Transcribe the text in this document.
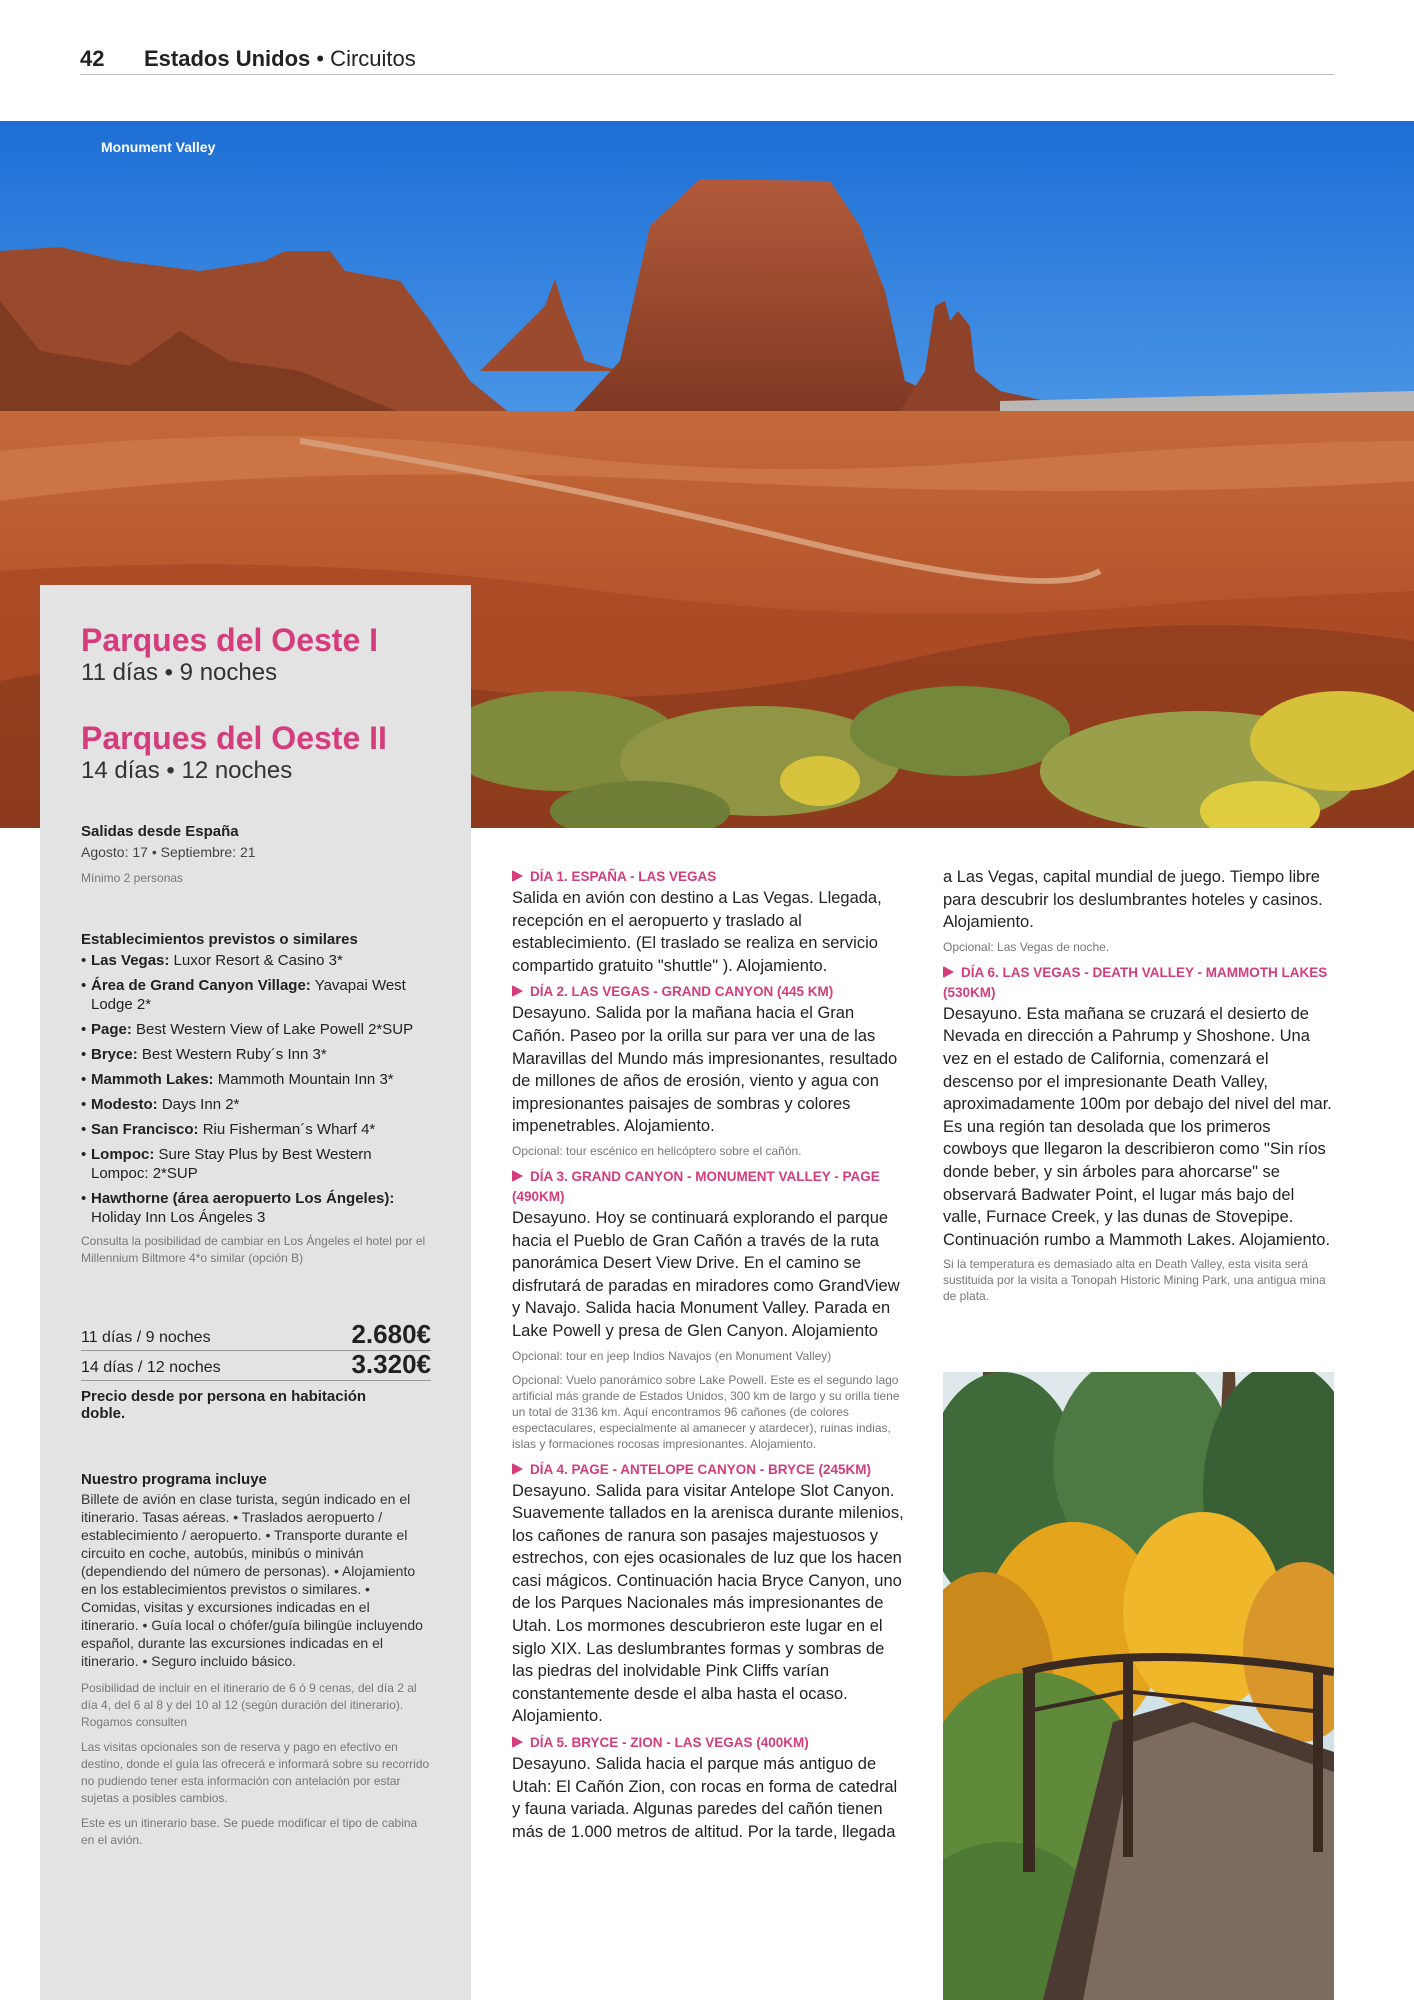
42 Estados Unidos • Circuitos
Monument Valley
Parques del Oeste I
11 días • 9 noches
Parques del Oeste II
14 días • 12 noches
Salidas desde España
Agosto: 17 • Septiembre: 21
Mínimo 2 personas
Establecimientos previstos o similares
• Las Vegas: Luxor Resort & Casino 3*
• Área de Grand Canyon Village: Yavapai West Lodge 2*
• Page: Best Western View of Lake Powell 2*SUP
• Bryce: Best Western Ruby´s Inn 3*
• Mammoth Lakes: Mammoth Mountain Inn 3*
• Modesto: Days Inn 2*
• San Francisco: Riu Fisherman´s Wharf 4*
• Lompoc: Sure Stay Plus by Best Western Lompoc: 2*SUP
• Hawthorne (área aeropuerto Los Ángeles): Holiday Inn Los Ángeles 3
Consulta la posibilidad de cambiar en Los Ángeles el hotel por el Millennium Biltmore 4*o similar (opción B)
11 días / 9 noches	2.680€
14 días / 12 noches	3.320€
Precio desde por persona en habitación doble.
Nuestro programa incluye
Billete de avión en clase turista, según indicado en el itinerario. Tasas aéreas. • Traslados aeropuerto / establecimiento / aeropuerto. • Transporte durante el circuito en coche, autobús, minibús o miniván (dependiendo del número de personas). • Alojamiento en los establecimientos previstos o similares. • Comidas, visitas y excursiones indicadas en el itinerario. • Guía local o chófer/guía bilingüe incluyendo español, durante las excursiones indicadas en el itinerario. • Seguro incluido básico.
Posibilidad de incluir en el itinerario de 6 ó 9 cenas, del día 2 al día 4, del 6 al 8 y del 10 al 12 (según duración del itinerario). Rogamos consulten
Las visitas opcionales son de reserva y pago en efectivo en destino, donde el guía las ofrecerá e informará sobre su recorrido no pudiendo tener esta información con antelación por estar sujetas a posibles cambios.
Este es un itinerario base. Se puede modificar el tipo de cabina en el avión.
DÍA 1. ESPAÑA - LAS VEGAS

Salida en avión con destino a Las Vegas. Llegada, recepción en el aeropuerto y traslado al establecimiento. (El traslado se realiza en servicio compartido gratuito "shuttle" ). Alojamiento.

DÍA 2. LAS VEGAS - GRAND CANYON (445 KM)

Desayuno. Salida por la mañana hacia el Gran Cañón. Paseo por la orilla sur para ver una de las Maravillas del Mundo más impresionantes, resultado de millones de años de erosión, viento y agua con impresionantes paisajes de sombras y colores impenetrables. Alojamiento.

Opcional: tour escénico en helicóptero sobre el cañón.
DÍA 3. GRAND CANYON - MONUMENT VALLEY - PAGE (490KM)

Desayuno. Hoy se continuará explorando el parque hacia el Pueblo de Gran Cañón a través de la ruta panorámica Desert View Drive. En el camino se disfrutará de paradas en miradores como GrandView y Navajo. Salida hacia Monument Valley. Parada en Lake Powell y presa de Glen Canyon. Alojamiento

Opcional: tour en jeep Indios Navajos (en Monument Valley)
Opcional: Vuelo panorámico sobre Lake Powell. Este es el segundo lago artificial más grande de Estados Unidos, 300 km de largo y su orilla tiene un total de 3136 km. Aquí encontramos 96 cañones (de colores espectaculares, especialmente al amanecer y atardecer), ruinas indias, islas y formaciones rocosas impresionantes. Alojamiento.
DÍA 4. PAGE - ANTELOPE CANYON - BRYCE (245KM)

Desayuno. Salida para visitar Antelope Slot Canyon. Suavemente tallados en la arenisca durante milenios, los cañones de ranura son pasajes majestuosos y estrechos, con ejes ocasionales de luz que los hacen casi mágicos. Continuación hacia Bryce Canyon, uno de los Parques Nacionales más impresionantes de Utah. Los mormones descubrieron este lugar en el siglo XIX. Las deslumbrantes formas y sombras de las piedras del inolvidable Pink Cliffs varían constantemente desde el alba hasta el ocaso. Alojamiento.

DÍA 5. BRYCE - ZION - LAS VEGAS (400KM)

Desayuno. Salida hacia el parque más antiguo de Utah: El Cañón Zion, con rocas en forma de catedral y fauna variada. Algunas paredes del cañón tienen más de 1.000 metros de altitud. Por la tarde, llegada

a Las Vegas, capital mundial de juego. Tiempo libre para descubrir los deslumbrantes hoteles y casinos. Alojamiento.

Opcional: Las Vegas de noche.
DÍA 6. LAS VEGAS - DEATH VALLEY - MAMMOTH LAKES (530KM)

Desayuno. Esta mañana se cruzará el desierto de Nevada en dirección a Pahrump y Shoshone. Una vez en el estado de California, comenzará el descenso por el impresionante Death Valley, aproximadamente 100m por debajo del nivel del mar. Es una región tan desolada que los primeros cowboys que llegaron la describieron como "Sin ríos donde beber, y sin árboles para ahorcarse" se observará Badwater Point, el lugar más bajo del valle, Furnace Creek, y las dunas de Stovepipe. Continuación rumbo a Mammoth Lakes. Alojamiento.

Si la temperatura es demasiado alta en Death Valley, esta visita será sustituida por la visita a Tonopah Historic Mining Park, una antigua mina de plata.
